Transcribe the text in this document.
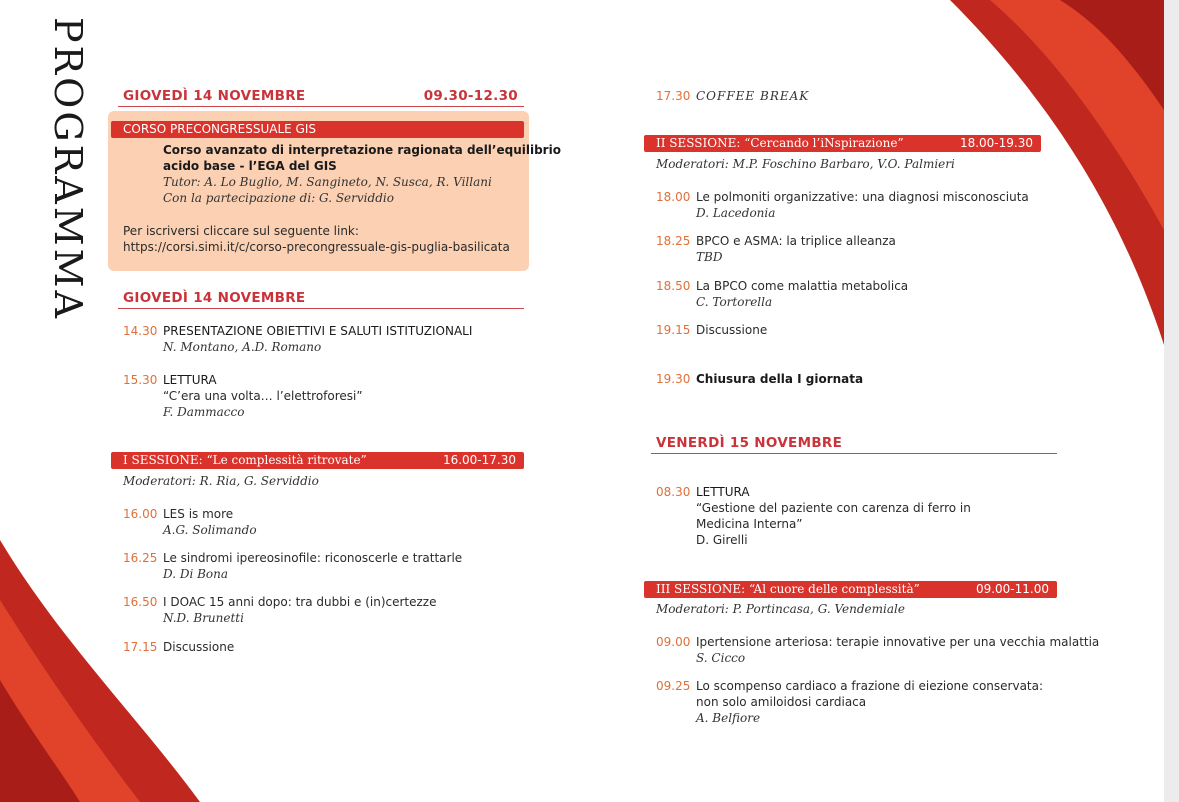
PROGRAMMA GIOVEDÌ 14 NOVEMBRE	09.30-12.30
CORSO PRECONGRESSUALE GIS
Corso avanzato di interpretazione ragionata dell’equilibrio
acido base - l’EGA del GIS
Tutor: A. Lo Buglio, M. Sangineto, N. Susca, R. Villani
Con la partecipazione di: G. Serviddio
Per iscriversi cliccare sul seguente link:
https://corsi.simi.it/c/corso-precongressuale-gis-puglia-basilicata
GIOVEDÌ 14 NOVEMBRE
14.30 PRESENTAZIONE OBIETTIVI E SALUTI ISTITUZIONALI
N. Montano, A.D. Romano
15.30 LETTURA
“C’era una volta… l’elettroforesi”
F. Dammacco
I SESSIONE: “Le complessità ritrovate”	16.00-17.30
Moderatori: R. Ria, G. Serviddio
16.00 LES is more
A.G. Solimando
16.25 Le sindromi ipereosinofile: riconoscerle e trattarle
D. Di Bona
16.50 I DOAC 15 anni dopo: tra dubbi e (in)certezze
N.D. Brunetti
17.15 Discussione
17.30 COFFEE BREAK
II SESSIONE: “Cercando l’iNspirazione”	18.00-19.30
Moderatori: M.P. Foschino Barbaro, V.O. Palmieri
18.00 Le polmoniti organizzative: una diagnosi misconosciuta
D. Lacedonia
18.25 BPCO e ASMA: la triplice alleanza
TBD
18.50 La BPCO come malattia metabolica
C. Tortorella
19.15 Discussione
19.30 Chiusura della I giornata
VENERDÌ 15 NOVEMBRE
08.30 LETTURA
“Gestione del paziente con carenza di ferro in
Medicina Interna”
D. Girelli
III SESSIONE: “Al cuore delle complessità”	09.00-11.00
Moderatori: P. Portincasa, G. Vendemiale
09.00 Ipertensione arteriosa: terapie innovative per una vecchia malattia
S. Cicco
09.25 Lo scompenso cardiaco a frazione di eiezione conservata:
non solo amiloidosi cardiaca
A. Belfiore
